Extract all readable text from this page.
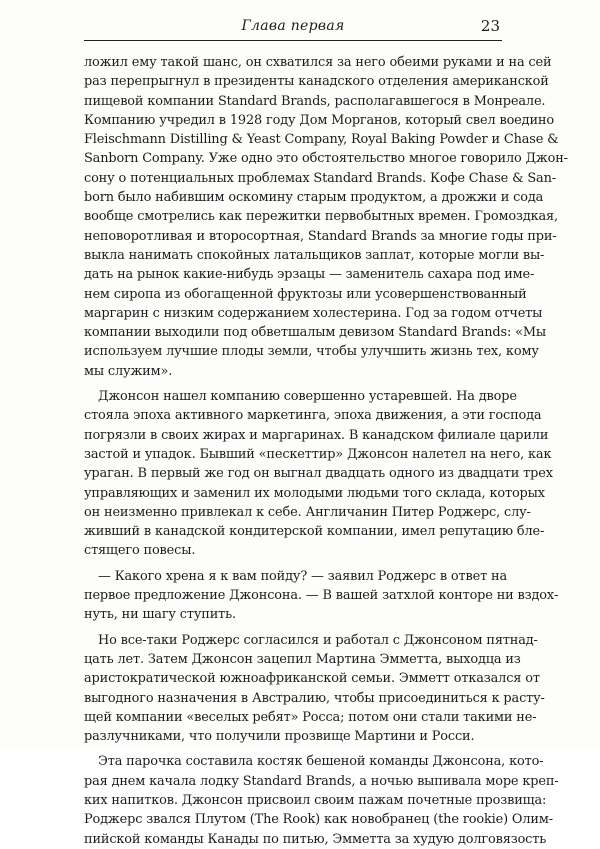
Глава первая	23
ложил ему такой шанс, он схватился за него обеими руками и на сей
раз перепрыгнул в президенты канадского отделения американской
пищевой компании Standard Brands, располагавшегося в Монреале.
Компанию учредил в 1928 году Дом Морганов, который свел воедино
Fleischmann Distilling & Yeast Company, Royal Baking Powder и Chase &
Sanborn Company. Уже одно это обстоятельство многое говорило Джон-
сону о потенциальных проблемах Standard Brands. Кофе Chase & San-
born было набившим оскомину старым продуктом, а дрожжи и сода
вообще смотрелись как пережитки первобытных времен. Громоздкая,
неповоротливая и второсортная, Standard Brands за многие годы при-
выкла нанимать спокойных латальщиков заплат, которые могли вы-
дать на рынок какие-нибудь эрзацы — заменитель сахара под име-
нем сиропа из обогащенной фруктозы или усовершенствованный
маргарин с низким содержанием холестерина. Год за годом отчеты
компании выходили под обветшалым девизом Standard Brands: «Мы
используем лучшие плоды земли, чтобы улучшить жизнь тех, кому
мы служим».
Джонсон нашел компанию совершенно устаревшей. На дворе
стояла эпоха активного маркетинга, эпоха движения, а эти господа
погрязли в своих жирах и маргаринах. В канадском филиале царили
застой и упадок. Бывший «пескеттир» Джонсон налетел на него, как
ураган. В первый же год он выгнал двадцать одного из двадцати трех
управляющих и заменил их молодыми людьми того склада, которых
он неизменно привлекал к себе. Англичанин Питер Роджерс, слу-
живший в канадской кондитерской компании, имел репутацию бле-
стящего повесы.
— Какого хрена я к вам пойду? — заявил Роджерс в ответ на
первое предложение Джонсона. — В вашей затхлой конторе ни вздох-
нуть, ни шагу ступить.
Но все-таки Роджерс согласился и работал с Джонсоном пятнад-
цать лет. Затем Джонсон зацепил Мартина Эмметта, выходца из
аристократической южноафриканской семьи. Эмметт отказался от
выгодного назначения в Австралию, чтобы присоединиться к расту-
щей компании «веселых ребят» Росса; потом они стали такими не-
разлучниками, что получили прозвище Мартини и Росси.
Эта парочка составила костяк бешеной команды Джонсона, кото-
рая днем качала лодку Standard Brands, а ночью выпивала море креп-
ких напитков. Джонсон присвоил своим пажам почетные прозвища:
Роджерс звался Плутом (The Rook) как новобранец (the rookie) Олим-
пийской команды Канады по питью, Эмметта за худую долговязость
